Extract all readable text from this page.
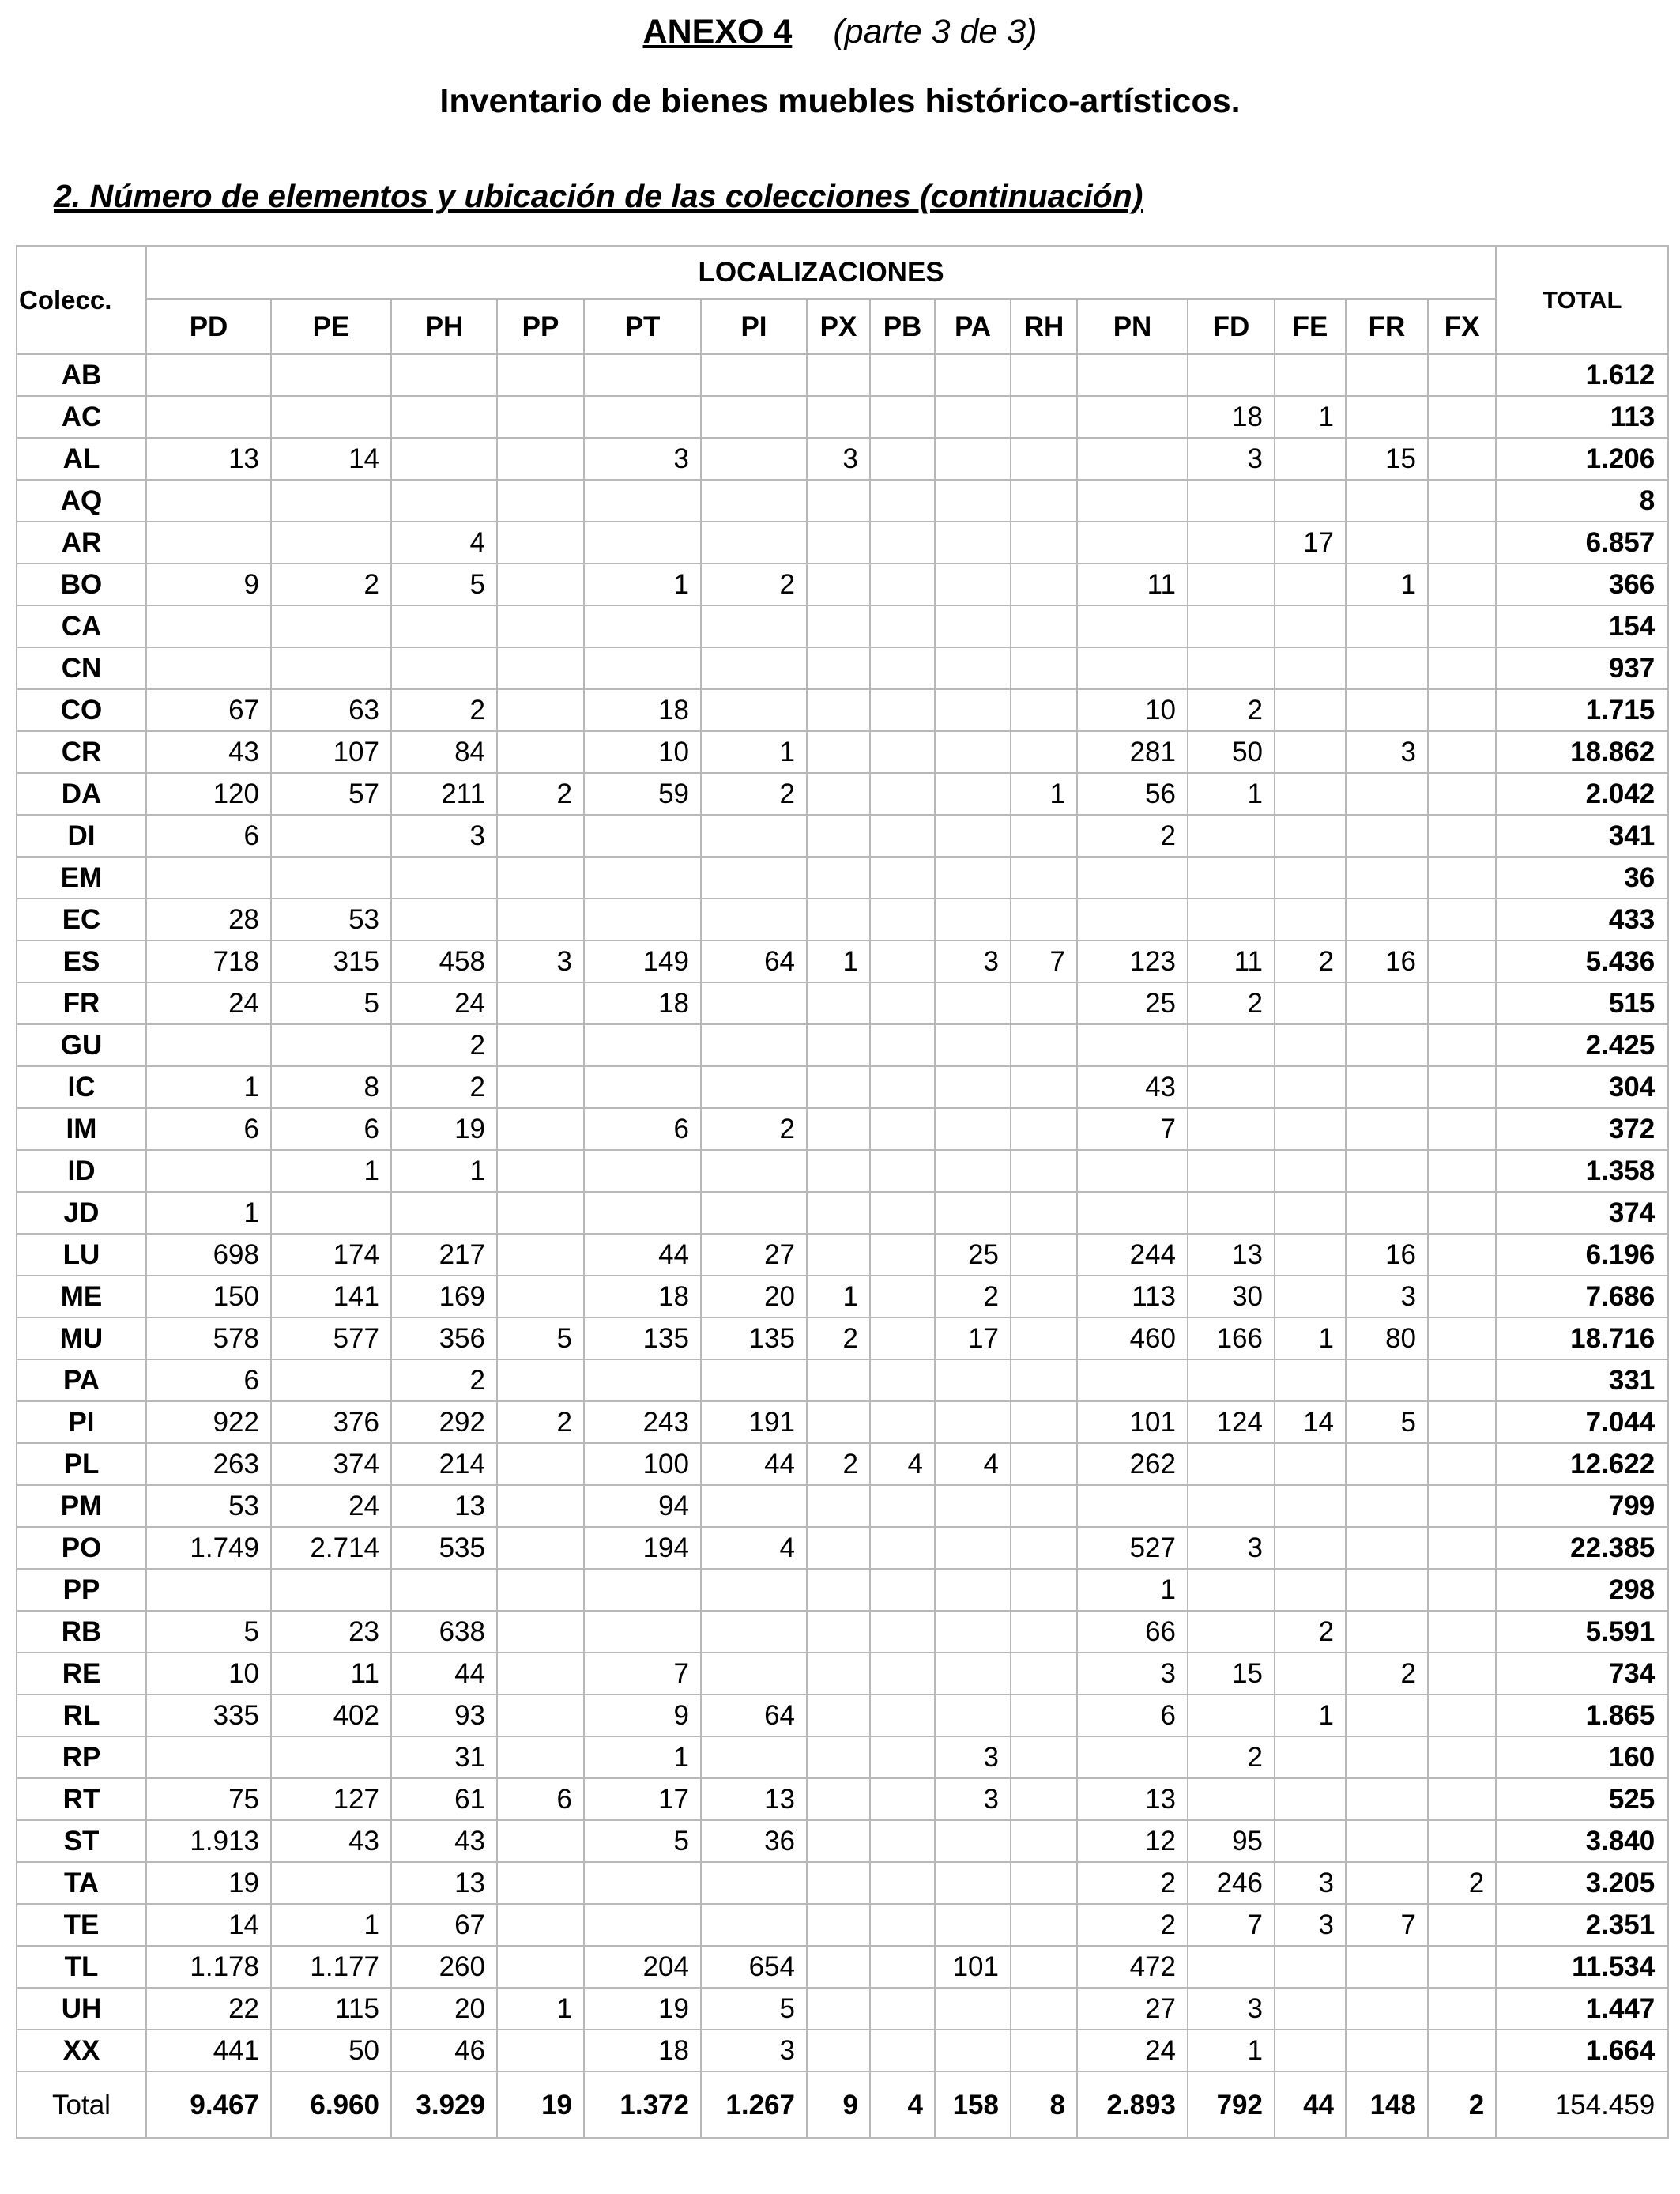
ANEXO 4 (parte 3 de 3)
Inventario de bienes muebles histórico-artísticos.
2. Número de elementos y ubicación de las colecciones (continuación)
Colecc.	LOCALIZACIONES															TOTAL
	PD	PE	PH	PP	PT	PI	PX	PB	PA	RH	PN	FD	FE	FR	FX	
AB																1.612
AC												18	1			113
AL	13	14			3		3					3		15		1.206
AQ																8
AR			4										17			6.857
BO	9	2	5		1	2					11			1		366
CA																154
CN																937
CO	67	63	2		18						10	2				1.715
CR	43	107	84		10	1					281	50		3		18.862
DA	120	57	211	2	59	2				1	56	1				2.042
DI	6		3								2					341
EM																36
EC	28	53														433
ES	718	315	458	3	149	64	1		3	7	123	11	2	16		5.436
FR	24	5	24		18						25	2				515
GU			2													2.425
IC	1	8	2								43					304
IM	6	6	19		6	2					7					372
ID		1	1													1.358
JD	1															374
LU	698	174	217		44	27			25		244	13		16		6.196
ME	150	141	169		18	20	1		2		113	30		3		7.686
MU	578	577	356	5	135	135	2		17		460	166	1	80		18.716
PA	6		2													331
PI	922	376	292	2	243	191					101	124	14	5		7.044
PL	263	374	214		100	44	2	4	4		262					12.622
PM	53	24	13		94											799
PO	1.749	2.714	535		194	4					527	3				22.385
PP											1					298
RB	5	23	638								66		2			5.591
RE	10	11	44		7						3	15		2		734
RL	335	402	93		9	64					6		1			1.865
RP			31		1				3			2				160
RT	75	127	61	6	17	13			3		13					525
ST	1.913	43	43		5	36					12	95				3.840
TA	19		13								2	246	3		2	3.205
TE	14	1	67								2	7	3	7		2.351
TL	1.178	1.177	260		204	654			101		472					11.534
UH	22	115	20	1	19	5					27	3				1.447
XX	441	50	46		18	3					24	1				1.664
Total	9.467	6.960	3.929	19	1.372	1.267	9	4	158	8	2.893	792	44	148	2	154.459
